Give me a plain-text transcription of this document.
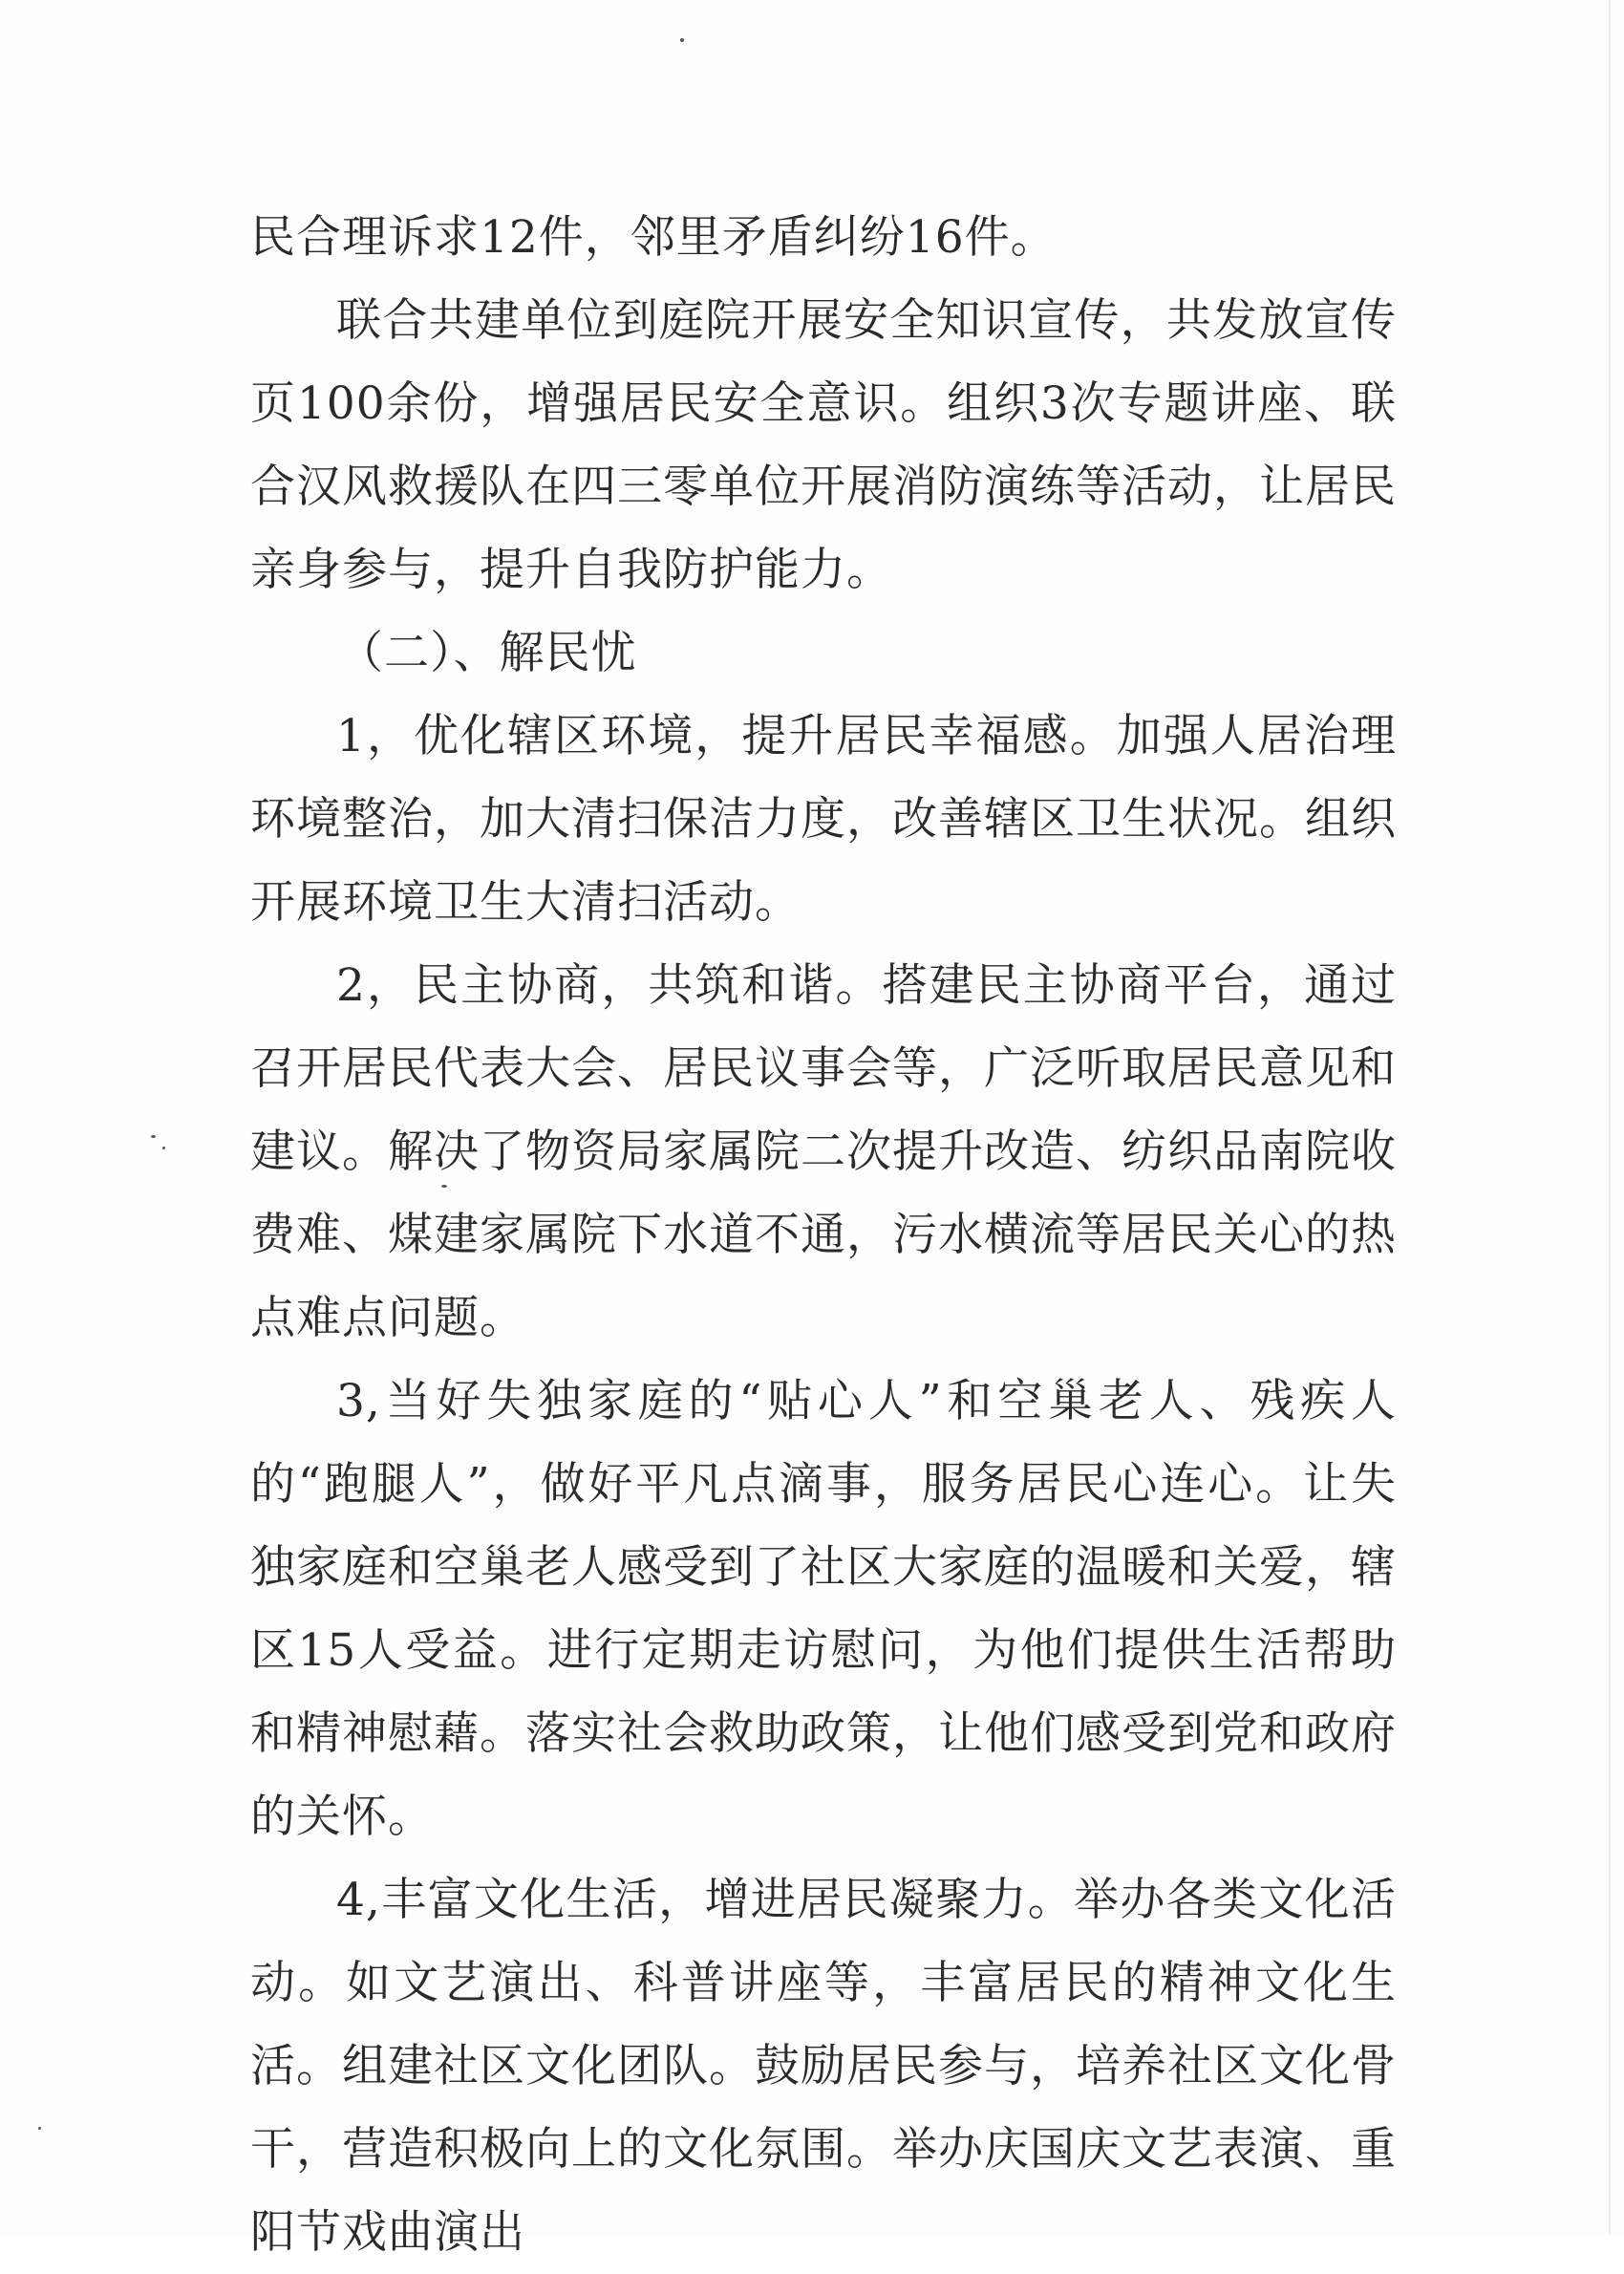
民合理诉求12件，邻里矛盾纠纷16件。

联合共建单位到庭院开展安全知识宣传，共发放宣传页100余份，增强居民安全意识。组织3次专题讲座、联合汉风救援队在四三零单位开展消防演练等活动，让居民亲身参与，提升自我防护能力。

（二）、解民忧

1，优化辖区环境，提升居民幸福感。加强人居治理环境整治，加大清扫保洁力度，改善辖区卫生状况。组织开展环境卫生大清扫活动。

2，民主协商，共筑和谐。搭建民主协商平台，通过召开居民代表大会、居民议事会等，广泛听取居民意见和建议。解决了物资局家属院二次提升改造、纺织品南院收费难、煤建家属院下水道不通，污水横流等居民关心的热点难点问题。

3,当好失独家庭的“贴心人”和空巢老人、残疾人的“跑腿人”，做好平凡点滴事，服务居民心连心。让失独家庭和空巢老人感受到了社区大家庭的温暖和关爱，辖区15人受益。进行定期走访慰问，为他们提供生活帮助和精神慰藉。落实社会救助政策，让他们感受到党和政府的关怀。

4,丰富文化生活，增进居民凝聚力。举办各类文化活动。如文艺演出、科普讲座等，丰富居民的精神文化生活。组建社区文化团队。鼓励居民参与，培养社区文化骨干，营造积极向上的文化氛围。举办庆国庆文艺表演、重阳节戏曲演出
